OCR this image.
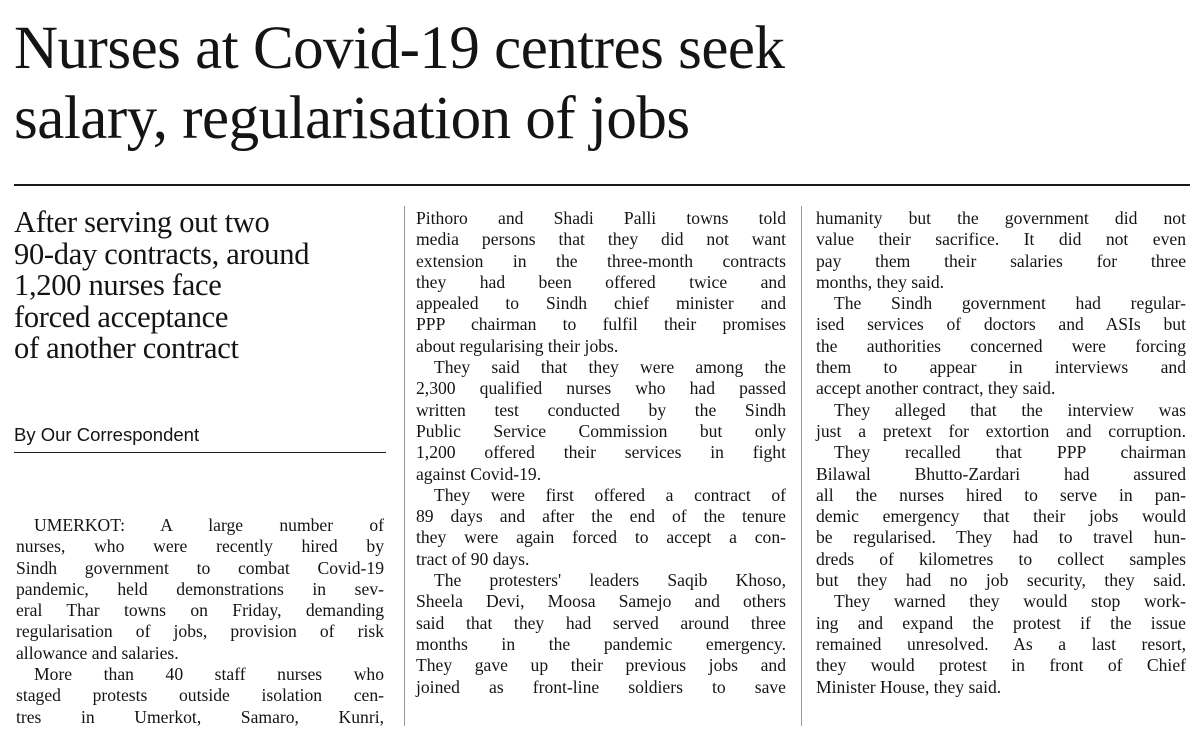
Nurses at Covid-19 centres seek
salary, regularisation of jobs
After serving out two
90-day contracts, around
1,200 nurses face
forced acceptance
of another contract
By Our Correspondent
UMERKOT: A large number of
nurses, who were recently hired by
Sindh government to combat Covid-19
pandemic, held demonstrations in sev-
eral Thar towns on Friday, demanding
regularisation of jobs, provision of risk
allowance and salaries.
More than 40 staff nurses who
staged protests outside isolation cen-
tres in Umerkot, Samaro, Kunri,
Pithoro and Shadi Palli towns told
media persons that they did not want
extension in the three-month contracts
they had been offered twice and
appealed to Sindh chief minister and
PPP chairman to fulfil their promises
about regularising their jobs.
They said that they were among the
2,300 qualified nurses who had passed
written test conducted by the Sindh
Public Service Commission but only
1,200 offered their services in fight
against Covid-19.
They were first offered a contract of
89 days and after the end of the tenure
they were again forced to accept a con-
tract of 90 days.
The protesters' leaders Saqib Khoso,
Sheela Devi, Moosa Samejo and others
said that they had served around three
months in the pandemic emergency.
They gave up their previous jobs and
joined as front-line soldiers to save
humanity but the government did not
value their sacrifice. It did not even
pay them their salaries for three
months, they said.
The Sindh government had regular-
ised services of doctors and ASIs but
the authorities concerned were forcing
them to appear in interviews and
accept another contract, they said.
They alleged that the interview was
just a pretext for extortion and corruption.
They recalled that PPP chairman
Bilawal Bhutto-Zardari had assured
all the nurses hired to serve in pan-
demic emergency that their jobs would
be regularised. They had to travel hun-
dreds of kilometres to collect samples
but they had no job security, they said.
They warned they would stop work-
ing and expand the protest if the issue
remained unresolved. As a last resort,
they would protest in front of Chief
Minister House, they said.
